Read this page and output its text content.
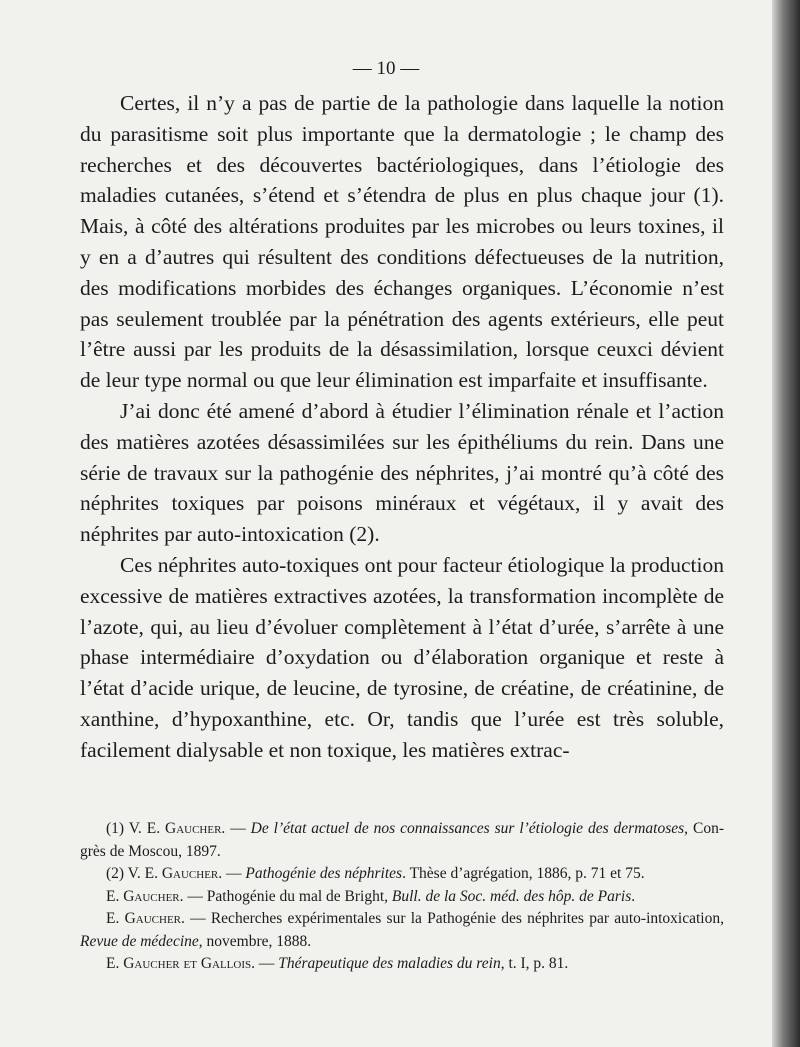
— 10 —

Certes, il n’y a pas de partie de la pathologie dans laquelle la notion du parasitisme soit plus importante que la dermatologie ; le champ des recherches et des découvertes bactériologiques, dans l’étiologie des maladies cutanées, s’étend et s’étendra de plus en plus chaque jour (1). Mais, à côté des altérations produites par les microbes ou leurs toxines, il y en a d’autres qui résultent des conditions défectueuses de la nutrition, des modifications morbides des échanges organiques. L’économie n’est pas seulement troublée par la pénétration des agents extérieurs, elle peut l’être aussi par les produits de la désassimilation, lorsque ceuxci dévient de leur type normal ou que leur élimination est imparfaite et insuffisante.

J’ai donc été amené d’abord à étudier l’élimination rénale et l’action des matières azotées désassimilées sur les épithéliums du rein. Dans une série de travaux sur la pathogénie des néphrites, j’ai montré qu’à côté des néphrites toxiques par poisons minéraux et végétaux, il y avait des néphrites par auto-intoxication (2).

Ces néphrites auto-toxiques ont pour facteur étiologique la production excessive de matières extractives azotées, la transformation incomplète de l’azote, qui, au lieu d’évoluer complètement à l’état d’urée, s’arrête à une phase intermédiaire d’oxydation ou d’élaboration organique et reste à l’état d’acide urique, de leucine, de tyrosine, de créatine, de créatinine, de xanthine, d’hypoxanthine, etc. Or, tandis que l’urée est très soluble, facilement dialysable et non toxique, les matières extrac-

(1) V. E. Gaucher. — De l’état actuel de nos connaissances sur l’étiologie des dermatoses, Congrès de Moscou, 1897.

(2) V. E. Gaucher. — Pathogénie des néphrites. Thèse d’agrégation, 1886, p. 71 et 75.

E. Gaucher. — Pathogénie du mal de Bright, Bull. de la Soc. méd. des hôp. de Paris.

E. Gaucher. — Recherches expérimentales sur la Pathogénie des néphrites par auto-intoxication, Revue de médecine, novembre, 1888.

E. Gaucher et Gallois. — Thérapeutique des maladies du rein, t. I, p. 81.
